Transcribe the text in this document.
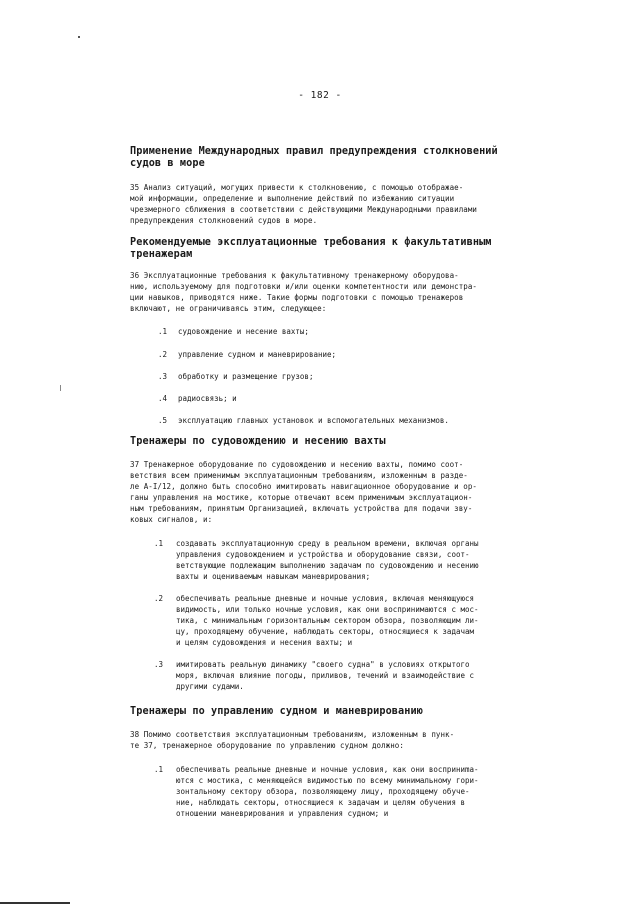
- 182 -
Применение Международных правил предупреждения столкновений
судов в море
35 Анализ ситуаций, могущих привести к столкновению, с помощью отображае-
мой информации, определение и выполнение действий по избежанию ситуации
чрезмерного сближения в соответствии с действующими Международными правилами
предупреждения столкновений судов в море.
Рекомендуемые эксплуатационные требования к факультативным
тренажерам
36 Эксплуатационные требования к факультативному тренажерному оборудова-
нию, используемому для подготовки и/или оценки компетентности или демонстра-
ции навыков, приводятся ниже. Такие формы подготовки с помощью тренажеров
включают, не ограничиваясь этим, следующее:
.1 судовождение и несение вахты;
.2 управление судном и маневрирование;
.3 обработку и размещение грузов;
.4 радиосвязь; и
.5 эксплуатацию главных установок и вспомогательных механизмов.
Тренажеры по судовождению и несению вахты
37 Тренажерное оборудование по судовождению и несению вахты, помимо соот-
ветствия всем применимым эксплуатационным требованиям, изложенным в разде-
ле A-I/12, должно быть способно имитировать навигационное оборудование и ор-
ганы управления на мостике, которые отвечают всем применимым эксплуатацион-
ным требованиям, принятым Организацией, включать устройства для подачи зву-
ковых сигналов, и:
.1 создавать эксплуатационную среду в реальном времени, включая органы
управления судовождением и устройства и оборудование связи, соот-
ветствующие подлежащим выполнению задачам по судовождению и несению
вахты и оцениваемым навыкам маневрирования;
.2 обеспечивать реальные дневные и ночные условия, включая меняющуюся
видимость, или только ночные условия, как они воспринимаются с мос-
тика, с минимальным горизонтальным сектором обзора, позволяющим ли-
цу, проходящему обучение, наблюдать секторы, относящиеся к задачам
и целям судовождения и несения вахты; и
.3 имитировать реальную динамику "своего судна" в условиях открытого
моря, включая влияние погоды, приливов, течений и взаимодействие с
другими судами.
Тренажеры по управлению судном и маневрированию
38 Помимо соответствия эксплуатационным требованиям, изложенным в пунк-
те 37, тренажерное оборудование по управлению судном должно:
.1 обеспечивать реальные дневные и ночные условия, как они восприниma-
ются с мостика, с меняющейся видимостью по всему минимальному гори-
зонтальному сектору обзора, позволяющему лицу, проходящему обуче-
ние, наблюдать секторы, относящиеся к задачам и целям обучения в
отношении маневрирования и управления судном; и
